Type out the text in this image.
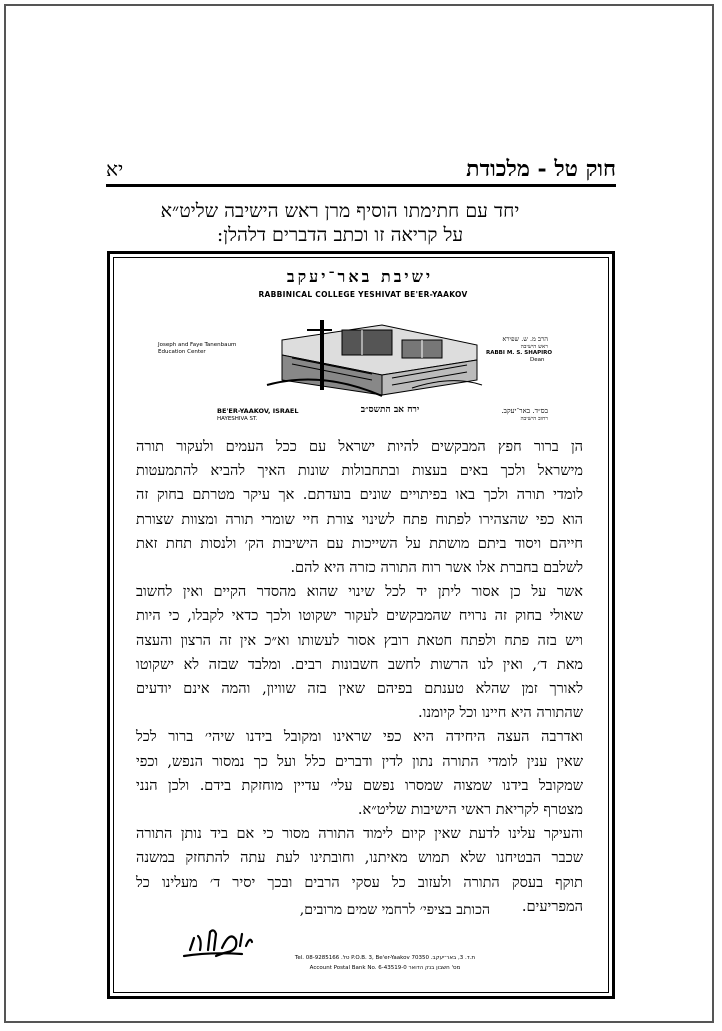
חוק טל - מלכודת
יא
יחד עם חתימתו הוסיף מרן ראש הישיבה שליט״א
על קריאה זו וכתב הדברים דלהלן:
ישיבת באר־יעקב
RABBINICAL COLLEGE YESHIVAT BE'ER-YAAKOV
Joseph and Faye Tanenbaum
Education Center
הרב מ. ש. שפירא
ראש הישיבה
RABBI M. S. SHAPIRO
Dean
BE'ER-YAAKOV, ISRAEL
HAYESHIVA ST.
ירח אב התשס״ב	בס״ד. באר־יעקב.
רחוב הישיבה
הן ברור חפץ המבקשים להיות ישראל עם ככל העמים ולעקור תורה
מישראל ולכך באים בעצות ובתחבולות שונות האיך להביא להתמעטות
לומדי תורה ולכך באו בפיתויים שונים בועדתם. אך עיקר מטרתם בחוק זה
הוא כפי שהצהירו לפתוח פתח לשינוי צורת חיי שומרי תורה ומצוות שצורת
חייהם ויסוד ביתם מושתת על השייכות עם הישיבות הק׳ ולנסות תחת זאת
לשלבם בחברת אלו אשר רוח התורה כזרה היא להם.
אשר על כן אסור ליתן יד לכל שינוי שהוא מהסדר הקיים ואין לחשוב
שאולי בחוק זה נרויח שהמבקשים לעקור ישקוטו ולכך כדאי לקבלו, כי היות
ויש בזה פתח ולפתח חטאת רובץ אסור לעשותו וא״כ אין זה הרצון והעצה
מאת ד׳, ואין לנו הרשות לחשב חשבונות רבים. ומלבד שבזה לא ישקוטו
לאורך זמן שהלא טענתם בפיהם שאין בזה שוויון, והמה אינם יודעים
שהתורה היא חיינו וכל קיומנו.
ואדרבה העצה היחידה היא כפי שראינו ומקובל בידנו שיהי׳ ברור לכל
שאין ענין לומדי התורה נתון לדין ודברים כלל ועל כך נמסור הנפש, וכפי
שמקובל בידנו שמצוה שמסרו נפשם עלי׳ עדיין מוחזקת בידם. ולכן הנני
מצטרף לקריאת ראשי הישיבות שליט״א.
והעיקר עלינו לדעת שאין קיום לימוד התורה מסור כי אם ביד נותן התורה
שכבר הבטיחנו שלא תמוש מאיתנו, וחובתינו לעת עתה להתחזק במשנה
תוקף בעסק התורה ולעזוב כל עסקי הרבים ובכך יסיר ד׳ מעלינו כל
המפריעים.
הכותב בציפי׳ לרחמי שמים מרובים,
Tel. 08-9285166 .טל P.O.B. 3, Be'er-Yaakov 70350 .ת.ד. 3, באר־יעקב
Account Postal Bank No. 6-43519-0 מס' חשבון בנק הדואר
